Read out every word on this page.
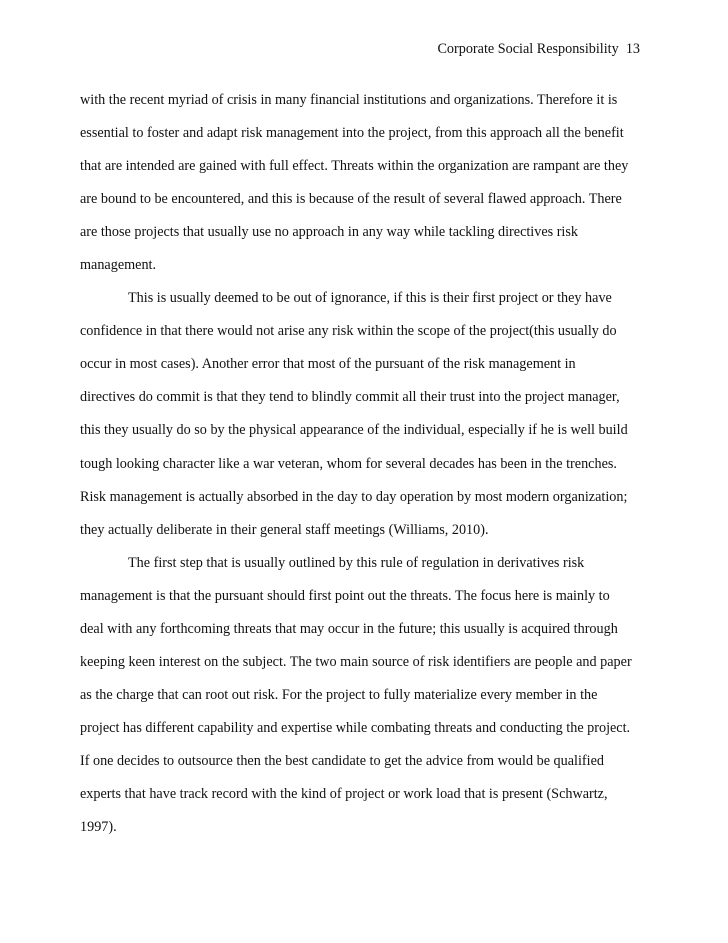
Corporate Social Responsibility 13
with the recent myriad of crisis in many financial institutions and organizations. Therefore it is
essential to foster and adapt risk management into the project, from this approach all the benefit
that are intended are gained with full effect. Threats within the organization are rampant are they
are bound to be encountered, and this is because of the result of several flawed approach. There
are those projects that usually use no approach in any way while tackling directives risk
management.
This is usually deemed to be out of ignorance, if this is their first project or they have
confidence in that there would not arise any risk within the scope of the project(this usually do
occur in most cases). Another error that most of the pursuant of the risk management in
directives do commit is that they tend to blindly commit all their trust into the project manager,
this they usually do so by the physical appearance of the individual, especially if he is well build
tough looking character like a war veteran, whom for several decades has been in the trenches.
Risk management is actually absorbed in the day to day operation by most modern organization;
they actually deliberate in their general staff meetings (Williams, 2010).
The first step that is usually outlined by this rule of regulation in derivatives risk
management is that the pursuant should first point out the threats. The focus here is mainly to
deal with any forthcoming threats that may occur in the future; this usually is acquired through
keeping keen interest on the subject. The two main source of risk identifiers are people and paper
as the charge that can root out risk. For the project to fully materialize every member in the
project has different capability and expertise while combating threats and conducting the project.
If one decides to outsource then the best candidate to get the advice from would be qualified
experts that have track record with the kind of project or work load that is present (Schwartz,
1997).
